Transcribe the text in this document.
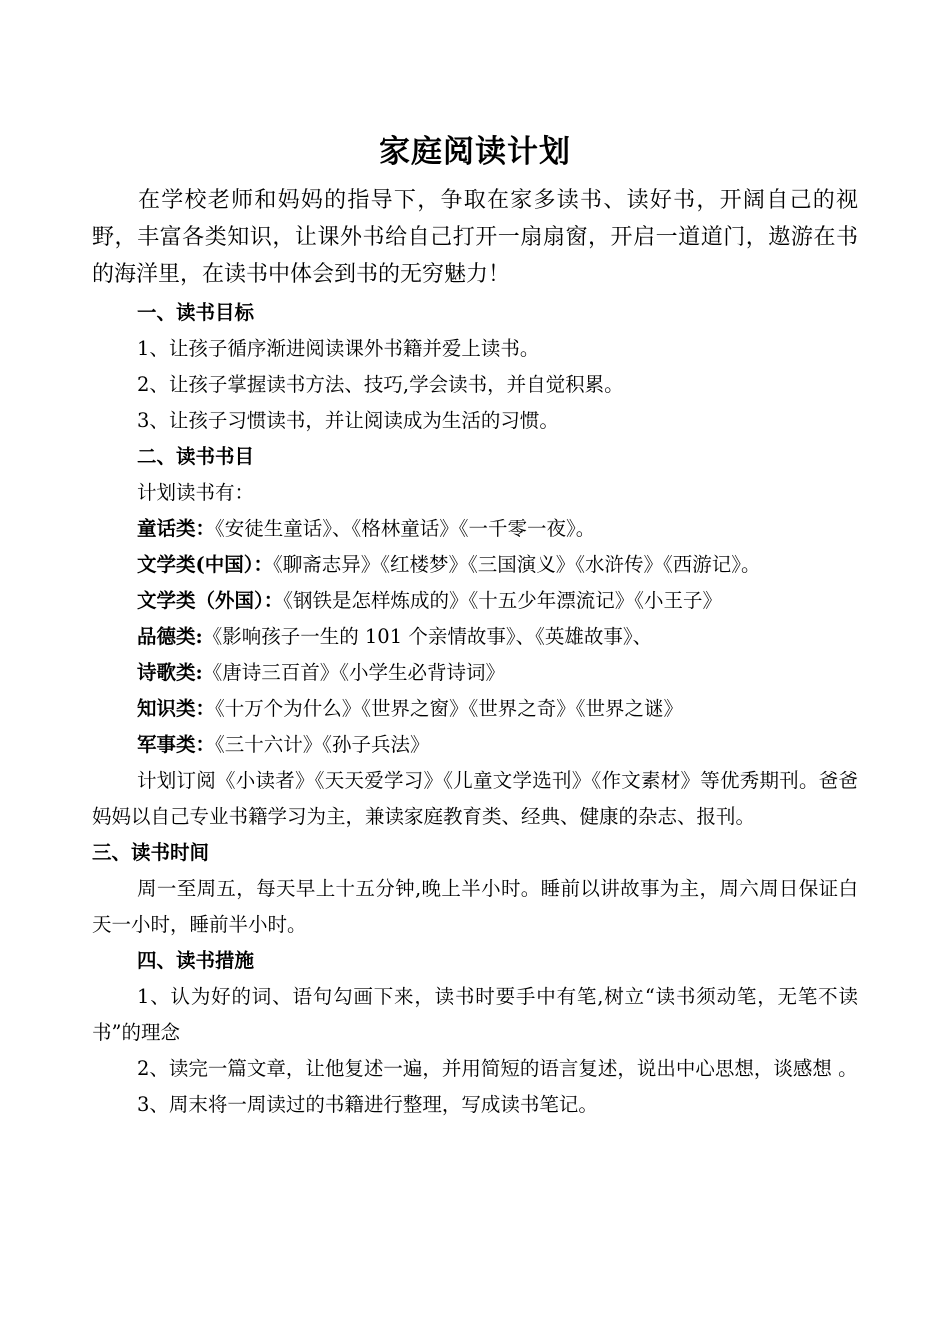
家庭阅读计划

在学校老师和妈妈的指导下，争取在家多读书、读好书，开阔自己的视野，丰富各类知识，让课外书给自己打开一扇扇窗，开启一道道门，遨游在书的海洋里，在读书中体会到书的无穷魅力！

一、读书目标

1、让孩子循序渐进阅读课外书籍并爱上读书。

2、让孩子掌握读书方法、技巧,学会读书，并自觉积累。

3、让孩子习惯读书，并让阅读成为生活的习惯。

二、读书书目

计划读书有：

童话类：《安徒生童话》、《格林童话》《一千零一夜》。

文学类(中国）：《聊斋志异》《红楼梦》《三国演义》《水浒传》《西游记》。

文学类（外国）：《钢铁是怎样炼成的》《十五少年漂流记》《小王子》

品德类:《影响孩子一生的 101 个亲情故事》、《英雄故事》、

诗歌类:《唐诗三百首》《小学生必背诗词》

知识类：《十万个为什么》《世界之窗》《世界之奇》《世界之谜》

军事类：《三十六计》《孙子兵法》

计划订阅《小读者》《天天爱学习》《儿童文学选刊》《作文素材》等优秀期刊。爸爸妈妈以自己专业书籍学习为主，兼读家庭教育类、经典、健康的杂志、报刊。

三、读书时间

周一至周五，每天早上十五分钟,晚上半小时。睡前以讲故事为主，周六周日保证白天一小时，睡前半小时。

四、读书措施

1、认为好的词、语句勾画下来，读书时要手中有笔,树立“读书须动笔，无笔不读书”的理念

2、读完一篇文章，让他复述一遍，并用简短的语言复述，说出中心思想，谈感想 。

3、周末将一周读过的书籍进行整理，写成读书笔记。
